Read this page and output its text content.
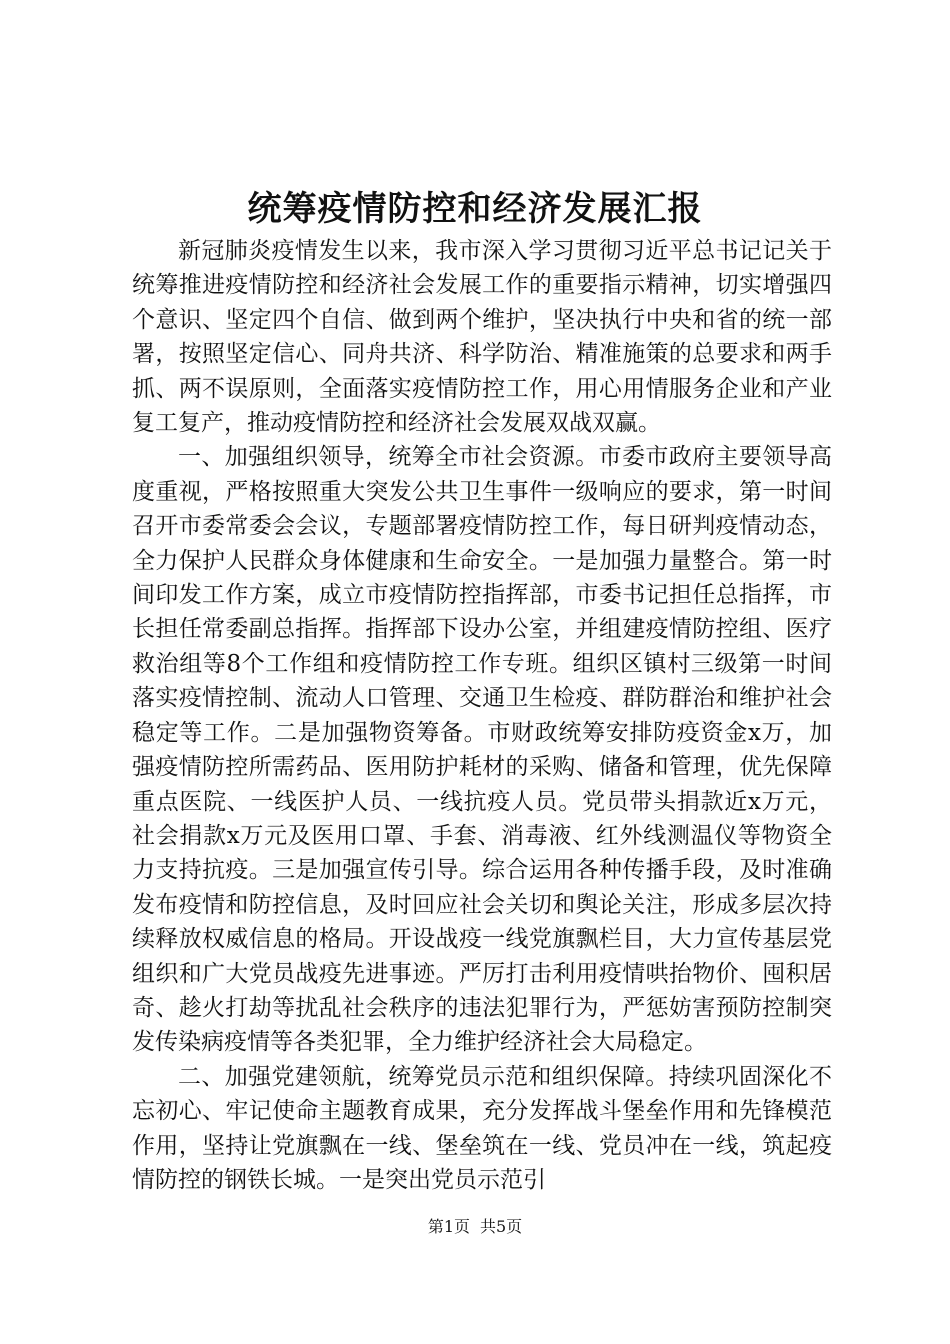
统筹疫情防控和经济发展汇报

新冠肺炎疫情发生以来，我市深入学习贯彻习近平总书记记关于统筹推进疫情防控和经济社会发展工作的重要指示精神，切实增强四个意识、坚定四个自信、做到两个维护，坚决执行中央和省的统一部署，按照坚定信心、同舟共济、科学防治、精准施策的总要求和两手抓、两不误原则，全面落实疫情防控工作，用心用情服务企业和产业复工复产，推动疫情防控和经济社会发展双战双赢。

一、加强组织领导，统筹全市社会资源。市委市政府主要领导高度重视，严格按照重大突发公共卫生事件一级响应的要求，第一时间召开市委常委会会议，专题部署疫情防控工作，每日研判疫情动态，全力保护人民群众身体健康和生命安全。一是加强力量整合。第一时间印发工作方案，成立市疫情防控指挥部，市委书记担任总指挥，市长担任常委副总指挥。指挥部下设办公室，并组建疫情防控组、医疗救治组等8个工作组和疫情防控工作专班。组织区镇村三级第一时间落实疫情控制、流动人口管理、交通卫生检疫、群防群治和维护社会稳定等工作。二是加强物资筹备。市财政统筹安排防疫资金x万，加强疫情防控所需药品、医用防护耗材的采购、储备和管理，优先保障重点医院、一线医护人员、一线抗疫人员。党员带头捐款近x万元，社会捐款x万元及医用口罩、手套、消毒液、红外线测温仪等物资全力支持抗疫。三是加强宣传引导。综合运用各种传播手段，及时准确发布疫情和防控信息，及时回应社会关切和舆论关注，形成多层次持续释放权威信息的格局。开设战疫一线党旗飘栏目，大力宣传基层党组织和广大党员战疫先进事迹。严厉打击利用疫情哄抬物价、囤积居奇、趁火打劫等扰乱社会秩序的违法犯罪行为，严惩妨害预防控制突发传染病疫情等各类犯罪，全力维护经济社会大局稳定。

二、加强党建领航，统筹党员示范和组织保障。持续巩固深化不忘初心、牢记使命主题教育成果，充分发挥战斗堡垒作用和先锋模范作用，坚持让党旗飘在一线、堡垒筑在一线、党员冲在一线，筑起疫情防控的钢铁长城。一是突出党员示范引

第1页 共5页
